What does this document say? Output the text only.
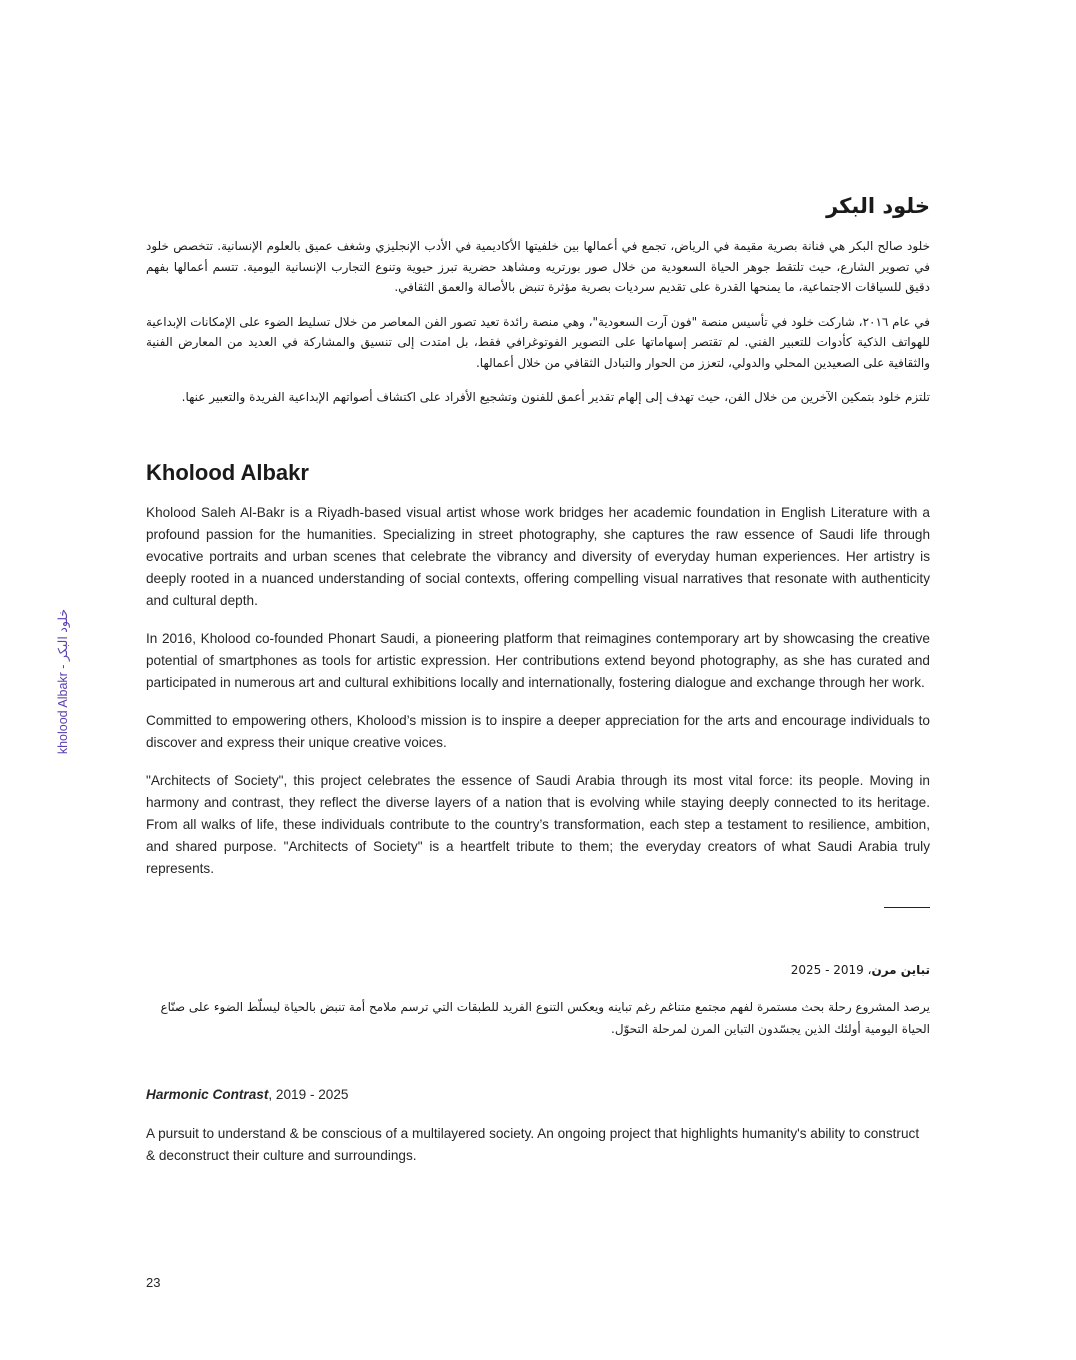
kholood Albakr - خلود البكر
خلود البكر

خلود صالح البكر هي فنانة بصرية مقيمة في الرياض، تجمع في أعمالها بين خلفيتها الأكاديمية في الأدب الإنجليزي وشغف عميق بالعلوم الإنسانية. تتخصص خلود في تصوير الشارع، حيث تلتقط جوهر الحياة السعودية من خلال صور بورتريه ومشاهد حضرية تبرز حيوية وتنوع التجارب الإنسانية اليومية. تتسم أعمالها بفهم دقيق للسياقات الاجتماعية، ما يمنحها القدرة على تقديم سرديات بصرية مؤثرة تنبض بالأصالة والعمق الثقافي.

في عام ٢٠١٦، شاركت خلود في تأسيس منصة "فون آرت السعودية"، وهي منصة رائدة تعيد تصور الفن المعاصر من خلال تسليط الضوء على الإمكانات الإبداعية للهواتف الذكية كأدوات للتعبير الفني. لم تقتصر إسهاماتها على التصوير الفوتوغرافي فقط، بل امتدت إلى تنسيق والمشاركة في العديد من المعارض الفنية والثقافية على الصعيدين المحلي والدولي، لتعزز من الحوار والتبادل الثقافي من خلال أعمالها.

تلتزم خلود بتمكين الآخرين من خلال الفن، حيث تهدف إلى إلهام تقدير أعمق للفنون وتشجيع الأفراد على اكتشاف أصواتهم الإبداعية الفريدة والتعبير عنها.

Kholood Albakr

Kholood Saleh Al-Bakr is a Riyadh-based visual artist whose work bridges her academic foundation in English Literature with a profound passion for the humanities. Specializing in street photography, she captures the raw essence of Saudi life through evocative portraits and urban scenes that celebrate the vibrancy and diversity of everyday human experiences. Her artistry is deeply rooted in a nuanced understanding of social contexts, offering compelling visual narratives that resonate with authenticity and cultural depth.

In 2016, Kholood co-founded Phonart Saudi, a pioneering platform that reimagines contemporary art by showcasing the creative potential of smartphones as tools for artistic expression. Her contributions extend beyond photography, as she has curated and participated in numerous art and cultural exhibitions locally and internationally, fostering dialogue and exchange through her work.

Committed to empowering others, Kholood’s mission is to inspire a deeper appreciation for the arts and encourage individuals to discover and express their unique creative voices.

"Architects of Society", this project celebrates the essence of Saudi Arabia through its most vital force: its people. Moving in harmony and contrast, they reflect the diverse layers of a nation that is evolving while staying deeply connected to its heritage. From all walks of life, these individuals contribute to the country’s transformation, each step a testament to resilience, ambition, and shared purpose. "Architects of Society" is a heartfelt tribute to them; the everyday creators of what Saudi Arabia truly represents.

تباين مرن، 2019 - 2025

يرصد المشروع رحلة بحث مستمرة لفهم مجتمع متناغم رغم تباينه ويعكس التنوع الفريد للطبقات التي ترسم ملامح أمة تنبض بالحياة ليسلّط الضوء على صنّاع الحياة اليومية أولئك الذين يجسّدون التباين المرن لمرحلة التحوّل.

Harmonic Contrast, 2019 - 2025

A pursuit to understand & be conscious of a multilayered society. An ongoing project that highlights humanity's ability to construct & deconstruct their culture and surroundings.

23
